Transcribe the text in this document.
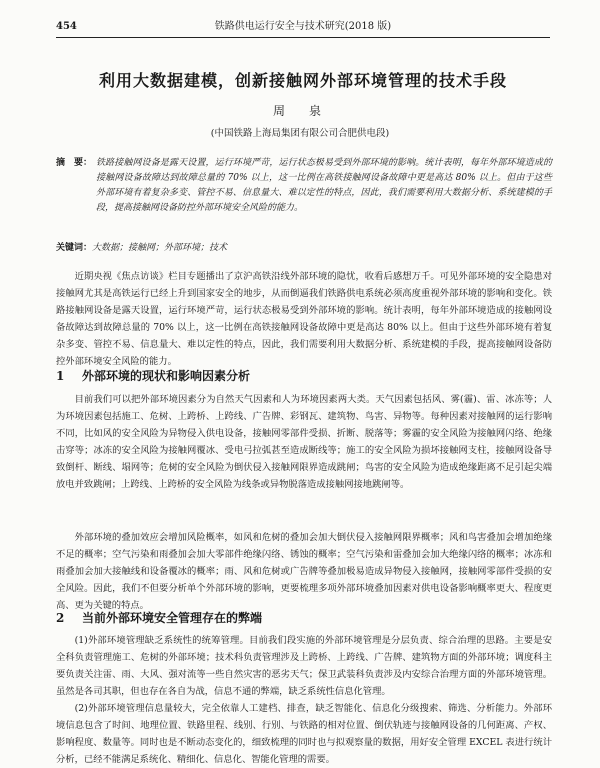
454	铁路供电运行安全与技术研究(2018 版)
利用大数据建模，创新接触网外部环境管理的技术手段
周　泉
(中国铁路上海局集团有限公司合肥供电段)
摘　要： 铁路接触网设备是露天设置，运行环境严苛，运行状态极易受到外部环境的影响。统计表明，每年外部环境造成的接触网设备故障达到故障总量的 70% 以上，这一比例在高铁接触网设备故障中更是高达 80% 以上。但由于这些外部环境有着复杂多变、管控不易、信息量大、难以定性的特点，因此，我们需要利用大数据分析、系统建模的手段，提高接触网设备防控外部环境安全风险的能力。
关键词：大数据；接触网；外部环境；技术
近期央视《焦点访谈》栏目专题播出了京沪高铁沿线外部环境的隐忧，收看后感想万千。可见外部环境的安全隐患对接触网尤其是高铁运行已经上升到国家安全的地步，从而倒逼我们铁路供电系统必须高度重视外部环境的影响和变化。铁路接触网设备是露天设置，运行环境严苛，运行状态极易受到外部环境的影响。统计表明，每年外部环境造成的接触网设备故障达到故障总量的 70% 以上，这一比例在高铁接触网设备故障中更是高达 80% 以上。但由于这些外部环境有着复杂多变、管控不易、信息量大、难以定性的特点，因此，我们需要利用大数据分析、系统建模的手段，提高接触网设备防控外部环境安全风险的能力。
1 外部环境的现状和影响因素分析
目前我们可以把外部环境因素分为自然天气因素和人为环境因素两大类。天气因素包括风、雾(霾)、雷、冰冻等；人为环境因素包括施工、危树、上跨桥、上跨线、广告牌、彩钢瓦、建筑物、鸟害、异物等。每种因素对接触网的运行影响不同，比如风的安全风险为异物侵入供电设备，接触网零部件受损、折断、脱落等；雾霾的安全风险为接触网闪络、绝缘击穿等；冰冻的安全风险为接触网覆冰、受电弓拉弧甚至造成断线等；施工的安全风险为损坏接触网支柱，接触网设备导致倒杆、断线、塌网等；危树的安全风险为倒伏侵入接触网限界造成跳闸；鸟害的安全风险为造成绝缘距离不足引起尖端放电并致跳闸；上跨线、上跨桥的安全风险为线条或异物脱落造成接触网接地跳闸等。
外部环境的叠加效应会增加风险概率，如风和危树的叠加会加大倒伏侵入接触网限界概率；风和鸟害叠加会增加绝缘不足的概率；空气污染和雨叠加会加大零部件绝缘闪络、锈蚀的概率；空气污染和雷叠加会加大绝缘闪络的概率；冰冻和雨叠加会加大接触线和设备覆冰的概率；雨、风和危树或广告牌等叠加极易造成异物侵入接触网，接触网零部件受损的安全风险。因此，我们不但要分析单个外部环境的影响，更要梳理多项外部环境叠加因素对供电设备影响概率更大、程度更高、更为关键的特点。
2 当前外部环境安全管理存在的弊端
(1)外部环境管理缺乏系统性的统筹管理。目前我们段实施的外部环境管理是分层负责、综合治理的思路。主要是安全科负责管理施工、危树的外部环境；技术科负责管理涉及上跨桥、上跨线、广告牌、建筑物方面的外部环境；调度科主要负责关注雷、雨、大风、强对流等一些自然灾害的恶劣天气；保卫武装科负责涉及内安综合治理方面的外部环境管理。虽然是各司其职，但也存在各自为战，信息不通的弊端，缺乏系统性信息化管理。
(2)外部环境管理信息量较大，完全依靠人工建档、排查，缺乏智能化、信息化分级搜索、筛选、分析能力。外部环境信息包含了时间、地理位置、铁路里程、线别、行别、与铁路的相对位置、倒伏轨迹与接触网设备的几何距离、产权、影响程度、数量等。同时也是不断动态变化的，细致梳理的同时也与拟观察量的数据，用好安全管理 EXCEL 表进行统计分析，已经不能满足系统化、精细化、信息化、智能化管理的需要。
